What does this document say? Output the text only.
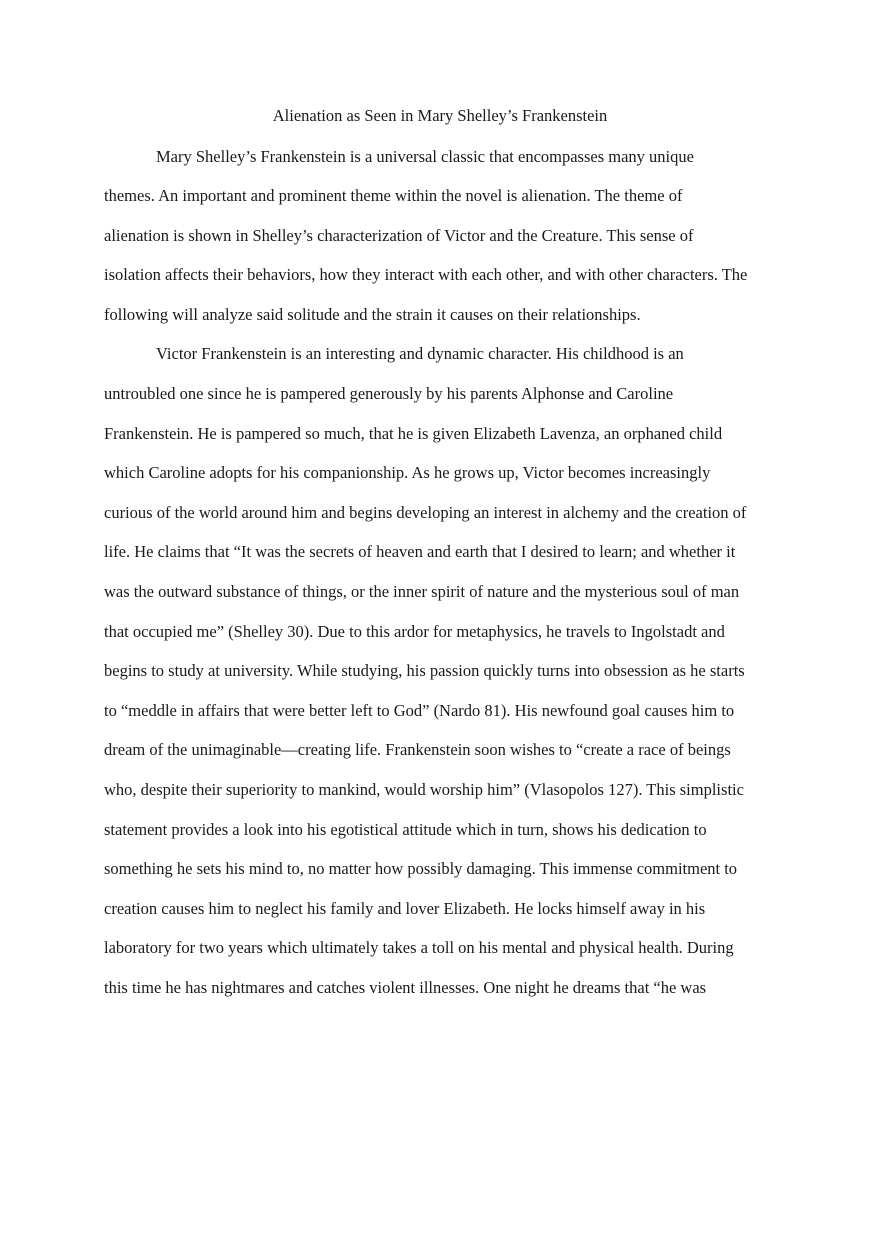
Alienation as Seen in Mary Shelley’s Frankenstein
Mary Shelley’s Frankenstein is a universal classic that encompasses many unique
themes. An important and prominent theme within the novel is alienation. The theme of
alienation is shown in Shelley’s characterization of Victor and the Creature. This sense of
isolation affects their behaviors, how they interact with each other, and with other characters. The
following will analyze said solitude and the strain it causes on their relationships.
Victor Frankenstein is an interesting and dynamic character. His childhood is an
untroubled one since he is pampered generously by his parents Alphonse and Caroline
Frankenstein. He is pampered so much, that he is given Elizabeth Lavenza, an orphaned child
which Caroline adopts for his companionship. As he grows up, Victor becomes increasingly
curious of the world around him and begins developing an interest in alchemy and the creation of
life. He claims that “It was the secrets of heaven and earth that I desired to learn; and whether it
was the outward substance of things, or the inner spirit of nature and the mysterious soul of man
that occupied me” (Shelley 30). Due to this ardor for metaphysics, he travels to Ingolstadt and
begins to study at university. While studying, his passion quickly turns into obsession as he starts
to “meddle in affairs that were better left to God” (Nardo 81). His newfound goal causes him to
dream of the unimaginable—creating life. Frankenstein soon wishes to “create a race of beings
who, despite their superiority to mankind, would worship him” (Vlasopolos 127). This simplistic
statement provides a look into his egotistical attitude which in turn, shows his dedication to
something he sets his mind to, no matter how possibly damaging. This immense commitment to
creation causes him to neglect his family and lover Elizabeth. He locks himself away in his
laboratory for two years which ultimately takes a toll on his mental and physical health. During
this time he has nightmares and catches violent illnesses. One night he dreams that “he was
